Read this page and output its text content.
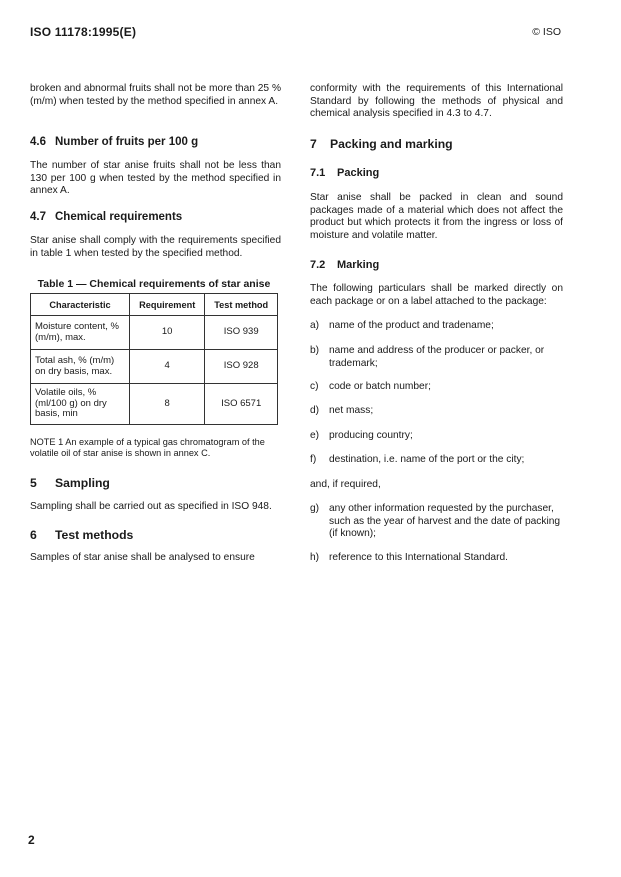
ISO 11178:1995(E)	© ISO

broken and abnormal fruits shall not be more than 25 % (m/m) when tested by the method specified in annex A.

4.6 Number of fruits per 100 g

The number of star anise fruits shall not be less than 130 per 100 g when tested by the method specified in annex A.

4.7 Chemical requirements

Star anise shall comply with the requirements specified in table 1 when tested by the specified method.

Table 1 — Chemical requirements of star anise
Characteristic	Requirement	Test method
Moisture content, % (m/m), max.	10	ISO 939
Total ash, % (m/m) on dry basis, max.	4	ISO 928
Volatile oils, % (ml/100 g) on dry basis, min	8	ISO 6571

NOTE 1 An example of a typical gas chromatogram of the volatile oil of star anise is shown in annex C.

5 Sampling

Sampling shall be carried out as specified in ISO 948.

6 Test methods

Samples of star anise shall be analysed to ensure

conformity with the requirements of this International Standard by following the methods of physical and chemical analysis specified in 4.3 to 4.7.

7 Packing and marking
7.1 Packing

Star anise shall be packed in clean and sound packages made of a material which does not affect the product but which protects it from the ingress or loss of moisture and volatile matter.

7.2 Marking

The following particulars shall be marked directly on each package or on a label attached to the package:

a) name of the product and tradename;
b) name and address of the producer or packer, or trademark;
c) code or batch number;
d) net mass;
e) producing country;
f) destination, i.e. name of the port or the city;

and, if required,

g) any other information requested by the purchaser, such as the year of harvest and the date of packing (if known);
h) reference to this International Standard.
2
